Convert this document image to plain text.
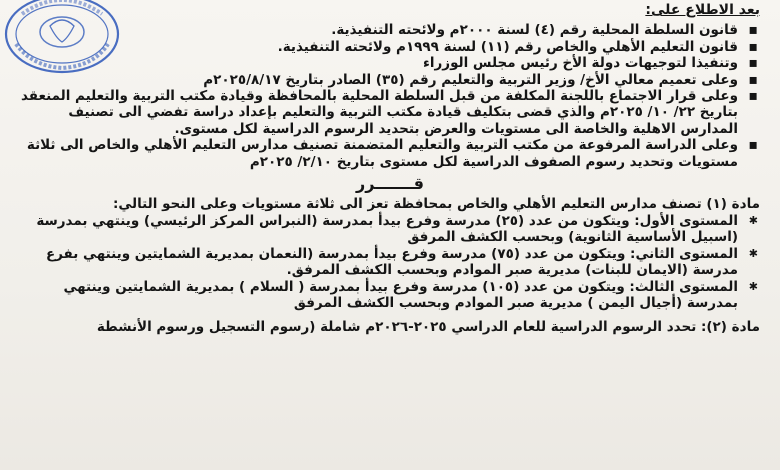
بعد الاطلاع على:
▪ قانون السلطة المحلية رقم (٤) لسنة ٢٠٠٠م ولائحته التنفيذية.
▪ قانون التعليم الأهلي والخاص رقم (١١) لسنة ١٩٩٩م ولائحته التنفيذية.
▪ وتنفيذا لتوجيهات دولة الأخ رئيس مجلس الوزراء
▪ وعلى تعميم معالي الأخ/ وزير التربية والتعليم رقم (٣٥) الصادر بتاريخ ٢٠٢٥/٨/١٧م
▪ وعلى قرار الاجتماع باللجنة المكلفة من قبل السلطة المحلية بالمحافظة وقيادة مكتب التربية والتعليم المنعقد بتاريخ ٢٢/ ١٠/ ٢٠٢٥م والذي قضى بتكليف قيادة مكتب التربية والتعليم بإعداد دراسة تفضي الى تصنيف المدارس الاهلية والخاصة الى مستويات والعرض بتحديد الرسوم الدراسية لكل مستوى.
▪ وعلى الدراسة المرفوعة من مكتب التربية والتعليم المتضمنة تصنيف مدارس التعليم الأهلي والخاص الى ثلاثة مستويات وتحديد رسوم الصفوف الدراسية لكل مستوى بتاريخ ٢/١٠/ ٢٠٢٥م
قـــــــرر
مادة (١) تصنف مدارس التعليم الأهلي والخاص بمحافظة تعز الى ثلاثة مستويات وعلى النحو التالي:
✱ المستوى الأول: ويتكون من عدد (٢٥) مدرسة وفرع بيدأ بمدرسة (النبراس المركز الرئيسي) وينتهي بمدرسة (اسبيل الأساسية الثانوية) وبحسب الكشف المرفق
✱ المستوى الثاني: ويتكون من عدد (٧٥) مدرسة وفرع بيدأ بمدرسة (النعمان بمديرية الشمايتين وينتهي بفرع مدرسة (الايمان للبنات) مديرية صبر الموادم وبحسب الكشف المرفق.
✱ المستوى الثالث: ويتكون من عدد (١٠٥) مدرسة وفرع بيدأ بمدرسة ( السلام ) بمديرية الشمايتين وينتهي بمدرسة (أجيال اليمن ) مديرية صبر الموادم وبحسب الكشف المرفق
مادة (٢): تحدد الرسوم الدراسية للعام الدراسي ٢٠٢٥-٢٠٢٦م شاملة (رسوم التسجيل ورسوم الأنشطة
